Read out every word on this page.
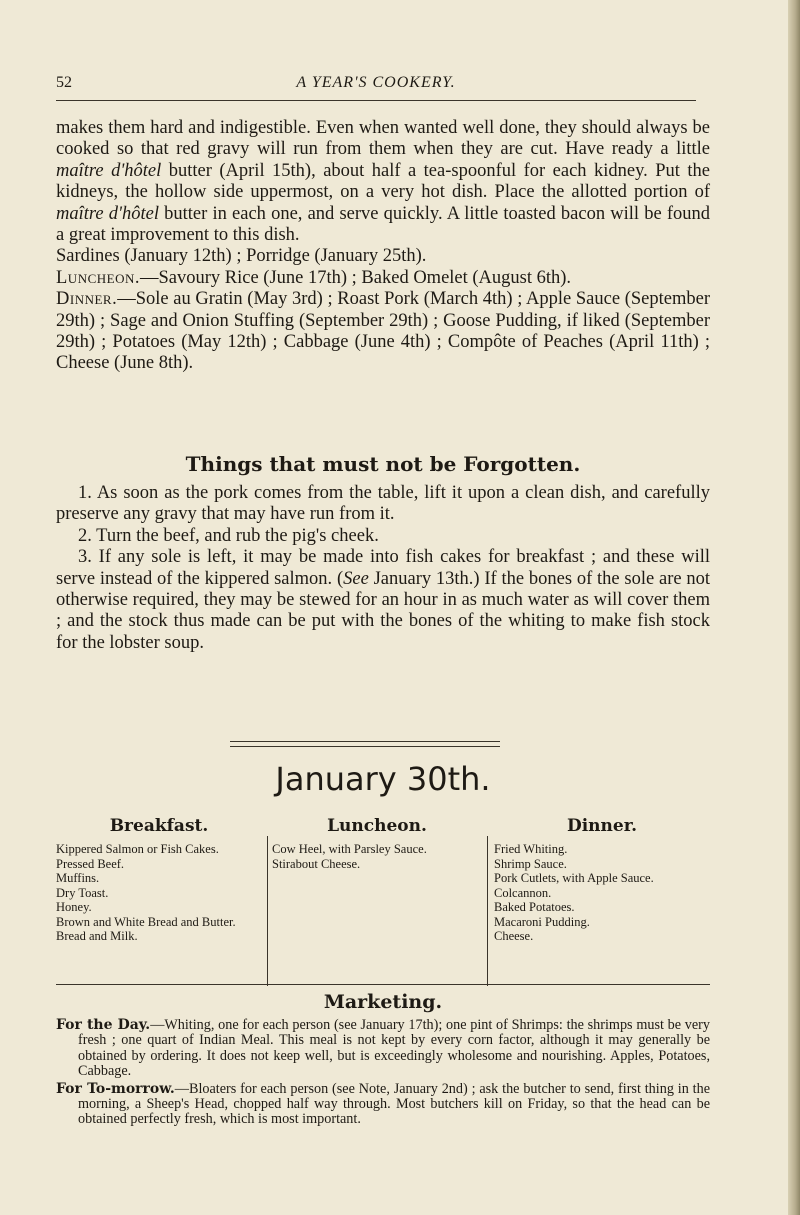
52	A YEAR'S COOKERY.

makes them hard and indigestible. Even when wanted well done, they should always be cooked so that red gravy will run from them when they are cut. Have ready a little maître d'hôtel butter (April 15th), about half a tea-spoonful for each kidney. Put the kidneys, the hollow side uppermost, on a very hot dish. Place the allotted portion of maître d'hôtel butter in each one, and serve quickly. A little toasted bacon will be found a great improvement to this dish.

Sardines (January 12th) ; Porridge (January 25th).

Luncheon.—Savoury Rice (June 17th) ; Baked Omelet (August 6th).

Dinner.—Sole au Gratin (May 3rd) ; Roast Pork (March 4th) ; Apple Sauce (September 29th) ; Sage and Onion Stuffing (September 29th) ; Goose Pudding, if liked (September 29th) ; Potatoes (May 12th) ; Cabbage (June 4th) ; Compôte of Peaches (April 11th) ; Cheese (June 8th).

Things that must not be Forgotten.

1. As soon as the pork comes from the table, lift it upon a clean dish, and carefully preserve any gravy that may have run from it.

2. Turn the beef, and rub the pig's cheek.

3. If any sole is left, it may be made into fish cakes for breakfast ; and these will serve instead of the kippered salmon. (See January 13th.) If the bones of the sole are not otherwise required, they may be stewed for an hour in as much water as will cover them ; and the stock thus made can be put with the bones of the whiting to make fish stock for the lobster soup.

January 30th.
Breakfast.
Kippered Salmon or Fish Cakes.
Pressed Beef.
Muffins.
Dry Toast.
Honey.
Brown and White Bread and Butter.
Bread and Milk.
Luncheon.
Cow Heel, with Parsley Sauce.
Stirabout Cheese.
Dinner.
Fried Whiting.
Shrimp Sauce.
Pork Cutlets, with Apple Sauce.
Colcannon.
Baked Potatoes.
Macaroni Pudding.
Cheese.
Marketing.

For the Day.—Whiting, one for each person (see January 17th); one pint of Shrimps: the shrimps must be very fresh ; one quart of Indian Meal. This meal is not kept by every corn factor, although it may generally be obtained by ordering. It does not keep well, but is exceedingly wholesome and nourishing. Apples, Potatoes, Cabbage.

For To-morrow.—Bloaters for each person (see Note, January 2nd) ; ask the butcher to send, first thing in the morning, a Sheep's Head, chopped half way through. Most butchers kill on Friday, so that the head can be obtained perfectly fresh, which is most important.
